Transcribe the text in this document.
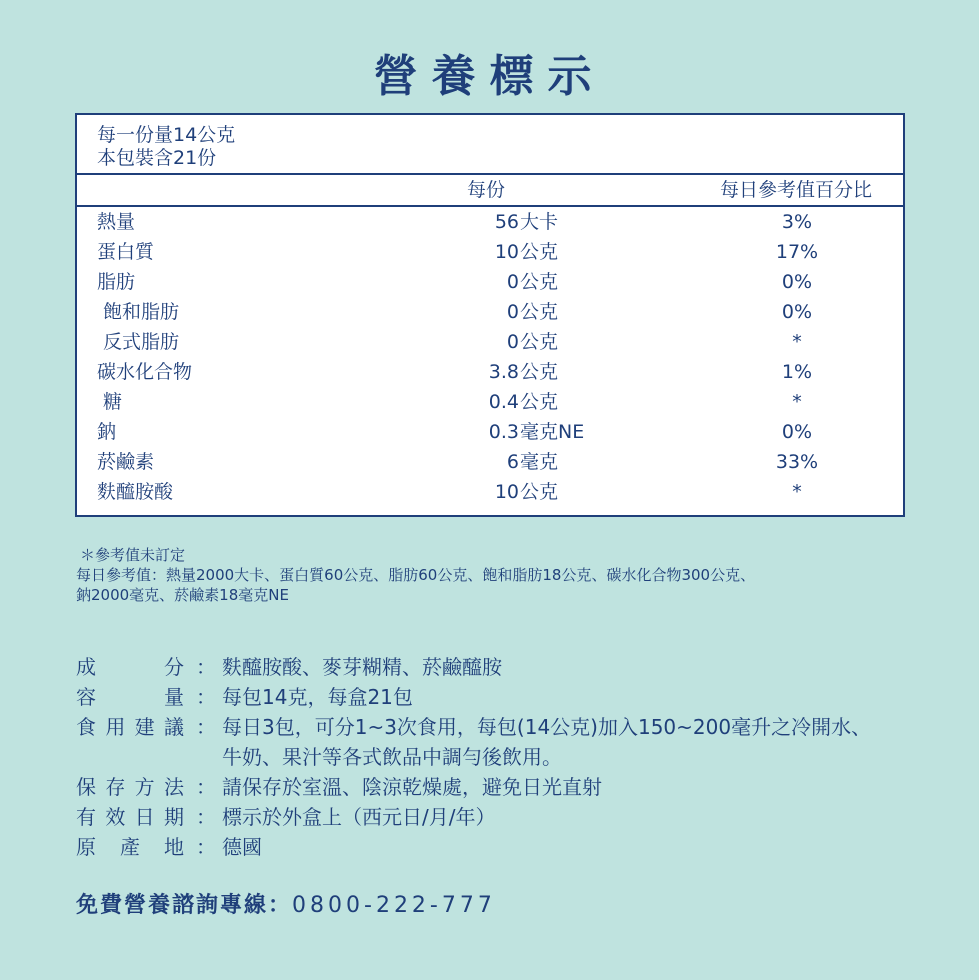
營養標示
每一份量14公克
本包裝含21份
每份	每日參考值百分比
熱量	56 大卡	3%
蛋白質	10 公克	17%
脂肪	0 公克	0%
飽和脂肪	0 公克	0%
反式脂肪	0 公克	*
碳水化合物	3.8 公克	1%
糖	0.4 公克	*
鈉	0.3 毫克NE	0%
菸鹼素	6 毫克	33%
麩醯胺酸	10 公克	*
＊參考值未訂定
每日參考值：熱量2000大卡、蛋白質60公克、脂肪60公克、飽和脂肪18公克、碳水化合物300公克、
鈉2000毫克、菸鹼素18毫克NE
成	分 ： 麩醯胺酸、麥芽糊精、菸鹼醯胺
容	量 ： 每包14克，每盒21包
食 用 建 議 ： 每日3包，可分1~3次食用，每包(14公克)加入150~200毫升之冷開水、
牛奶、果汁等各式飲品中調勻後飲用。
保 存 方 法 ： 請保存於室溫、陰涼乾燥處，避免日光直射
有 效 日 期 ： 標示於外盒上（西元日/月/年）
原 產 地 ： 德國
免費營養諮詢專線：0800-222-777
